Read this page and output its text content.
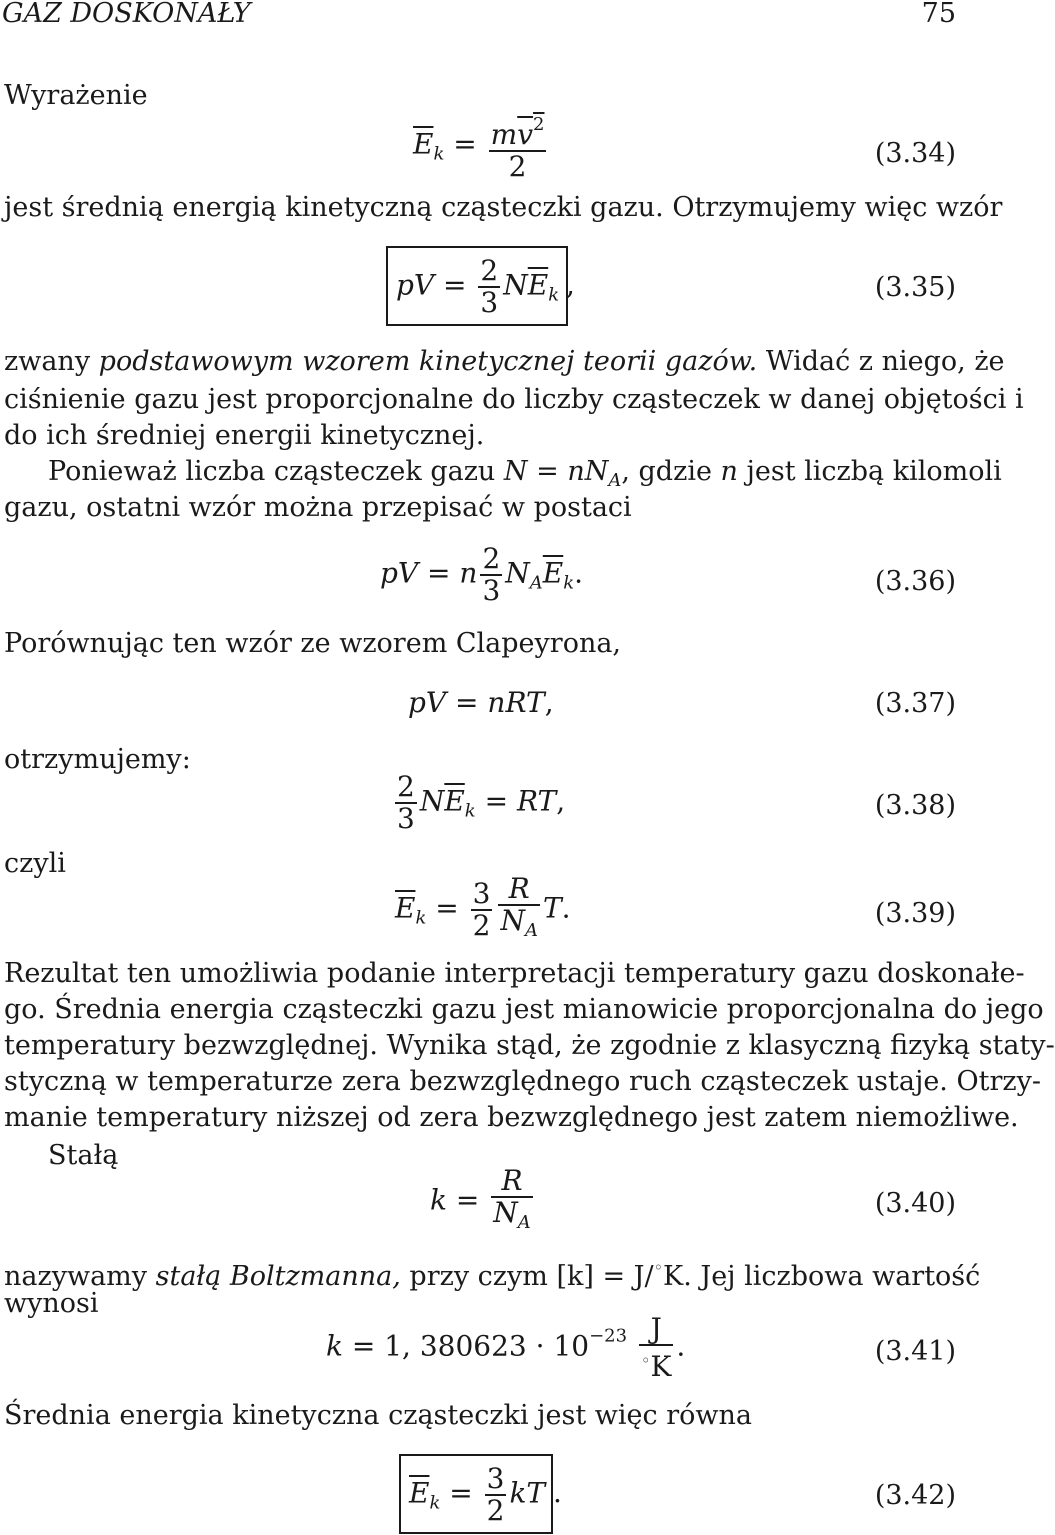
GAZ DOSKONAŁY	75
Wyrażenie
$\overline{E}_k = \frac{mv^2}{2}$	(3.34)
jest średnią energią kinetyczną cząsteczki gazu. Otrzymujemy więc wzór
pV = $\frac{2}{3} N\overline{E}_k$ ,	(3.35)
zwany podstawowym wzorem kinetycznej teorii gazów. Widać z niego, że
ciśnienie gazu jest proporcjonalne do liczby cząsteczek w danej objętości i
do ich średniej energii kinetycznej.
Ponieważ liczba cząsteczek gazu $N = nN_A$, gdzie n jest liczbą kilomoli
gazu, ostatni wzór można przepisać w postaci
pV = n $\frac{2}{3} N_A\overline{E}_k$.	(3.36)
Porównując ten wzór ze wzorem Clapeyrona,
pV = nRT,	(3.37)
otrzymujemy:
$\frac{2}{3} N\overline{E}_k$ = RT,	(3.38)
czyli
$\overline{E}_k = \frac{3}{2} \frac{R}{N_A} T$.	(3.39)
Rezultat ten umożliwia podanie interpretacji temperatury gazu doskonałe-
go. Średnia energia cząsteczki gazu jest mianowicie proporcjonalna do jego
temperatury bezwzględnej. Wynika stąd, że zgodnie z klasyczną fizyką staty-
styczną w temperaturze zera bezwzględnego ruch cząsteczek ustaje. Otrzy-
manie temperatury niższej od zera bezwzględnego jest zatem niemożliwe.
Stałą
$k = \frac{R}{N_A}$	(3.40)
nazywamy stałą Boltzmanna, przy czym [k] = J/◦K. Jej liczbowa wartość
wynosi
k = 1, $380623 \cdot 10^{-23} \frac{J}{^◦K}$ .	(3.41)
Średnia energia kinetyczna cząsteczki jest więc równa
$\overline{E}_k = \frac{3}{2}$ kT .	(3.42)
